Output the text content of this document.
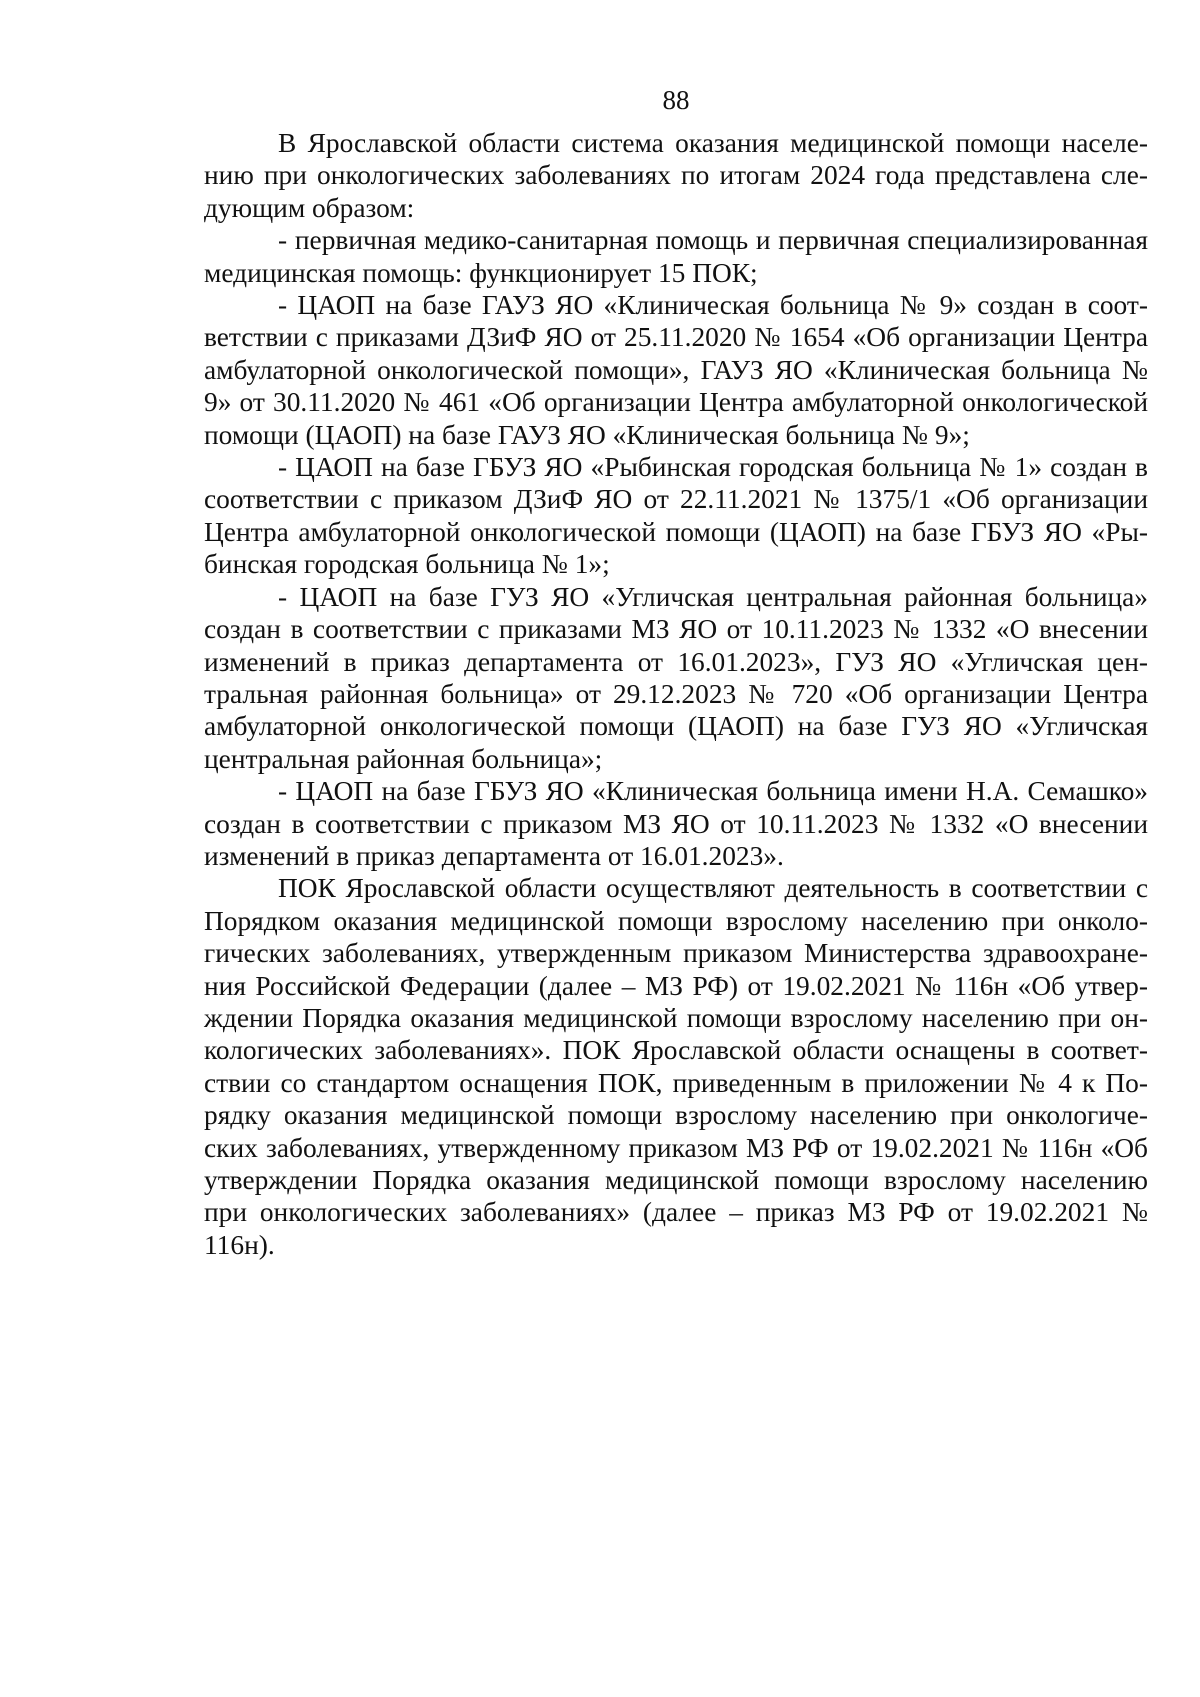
88

В Ярославской области система оказания медицинской помощи населению при онкологических заболеваниях по итогам 2024 года представлена следующим образом:

- первичная медико-санитарная помощь и первичная специализированная медицинская помощь: функционирует 15 ПОК;

- ЦАОП на базе ГАУЗ ЯО «Клиническая больница № 9» создан в соответствии с приказами ДЗиФ ЯО от 25.11.2020 № 1654 «Об организации Центра амбулаторной онкологической помощи», ГАУЗ ЯО «Клиническая больница № 9» от 30.11.2020 № 461 «Об организации Центра амбулаторной онкологической помощи (ЦАОП) на базе ГАУЗ ЯО «Клиническая больница № 9»;

- ЦАОП на базе ГБУЗ ЯО «Рыбинская городская больница № 1» создан в соответствии с приказом ДЗиФ ЯО от 22.11.2021 № 1375/1 «Об организации Центра амбулаторной онкологической помощи (ЦАОП) на базе ГБУЗ ЯО «Рыбинская городская больница № 1»;

- ЦАОП на базе ГУЗ ЯО «Угличская центральная районная больница» создан в соответствии с приказами МЗ ЯО от 10.11.2023 № 1332 «О внесении изменений в приказ департамента от 16.01.2023», ГУЗ ЯО «Угличская центральная районная больница» от 29.12.2023 № 720 «Об организации Центра амбулаторной онкологической помощи (ЦАОП) на базе ГУЗ ЯО «Угличская центральная районная больница»;

- ЦАОП на базе ГБУЗ ЯО «Клиническая больница имени Н.А. Семашко» создан в соответствии с приказом МЗ ЯО от 10.11.2023 № 1332 «О внесении изменений в приказ департамента от 16.01.2023».

ПОК Ярославской области осуществляют деятельность в соответствии с Порядком оказания медицинской помощи взрослому населению при онкологических заболеваниях, утвержденным приказом Министерства здравоохранения Российской Федерации (далее – МЗ РФ) от 19.02.2021 № 116н «Об утверждении Порядка оказания медицинской помощи взрослому населению при онкологических заболеваниях». ПОК Ярославской области оснащены в соответствии со стандартом оснащения ПОК, приведенным в приложении № 4 к Порядку оказания медицинской помощи взрослому населению при онкологических заболеваниях, утвержденному приказом МЗ РФ от 19.02.2021 № 116н «Об утверждении Порядка оказания медицинской помощи взрослому населению при онкологических заболеваниях» (далее – приказ МЗ РФ от 19.02.2021 № 116н).
